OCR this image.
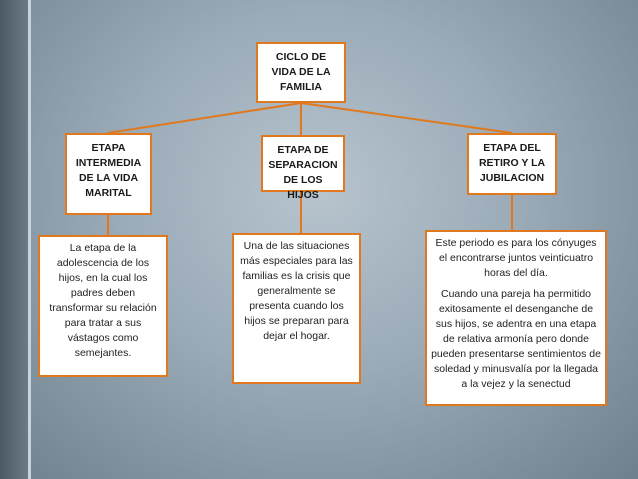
CICLO DE VIDA DE LA FAMILIA
ETAPA INTERMEDIA DE LA VIDA MARITAL
ETAPA DE SEPARACION DE LOS HIJOS
ETAPA DEL RETIRO Y LA JUBILACION

La etapa de la adolescencia de los hijos, en la cual los padres deben transformar su relación para tratar a sus vástagos como semejantes.

Una de las situaciones más especiales para las familias es la crisis que generalmente se presenta cuando los hijos se preparan para dejar el hogar.

Este periodo es para los cónyuges el encontrarse juntos veinticuatro horas del día.

Cuando una pareja ha permitido exitosamente el desenganche de sus hijos, se adentra en una etapa de relativa armonía pero donde pueden presentarse sentimientos de soledad y minusvalía por la llegada a la vejez y la senectud
